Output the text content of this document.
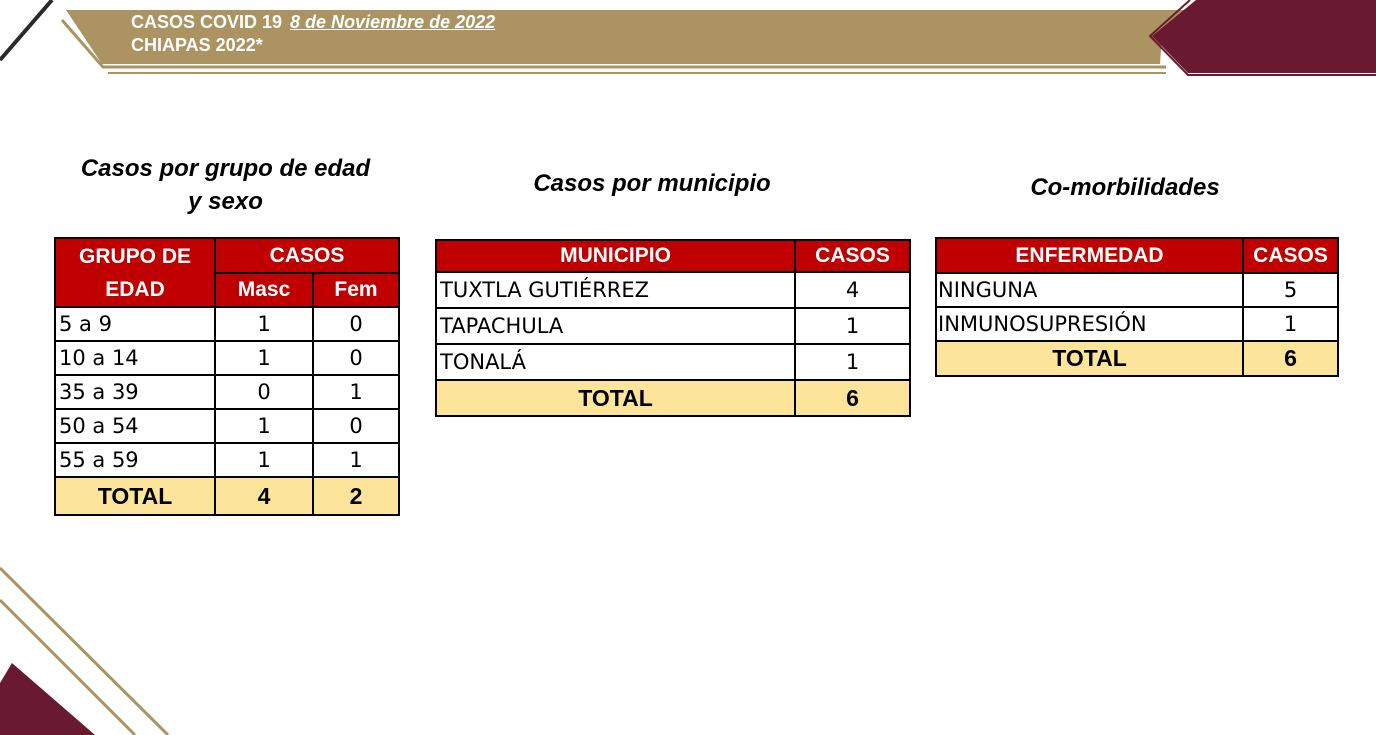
CASOS COVID 19 8 de Noviembre de 2022
CHIAPAS 2022*
Casos por grupo de edad y sexo
Casos por municipio	Co-morbilidades
GRUPO DE EDAD	CASOS	
	Masc	Fem
5 a 9	1	0
10 a 14	1	0
35 a 39	0	1
50 a 54	1	0
55 a 59	1	1
TOTAL	4	2
MUNICIPIO	CASOS
TUXTLA GUTIÉRREZ	4
TAPACHULA	1
TONALÁ	1
TOTAL	6
ENFERMEDAD	CASOS
NINGUNA	5
INMUNOSUPRESIÓN	1
TOTAL	6
